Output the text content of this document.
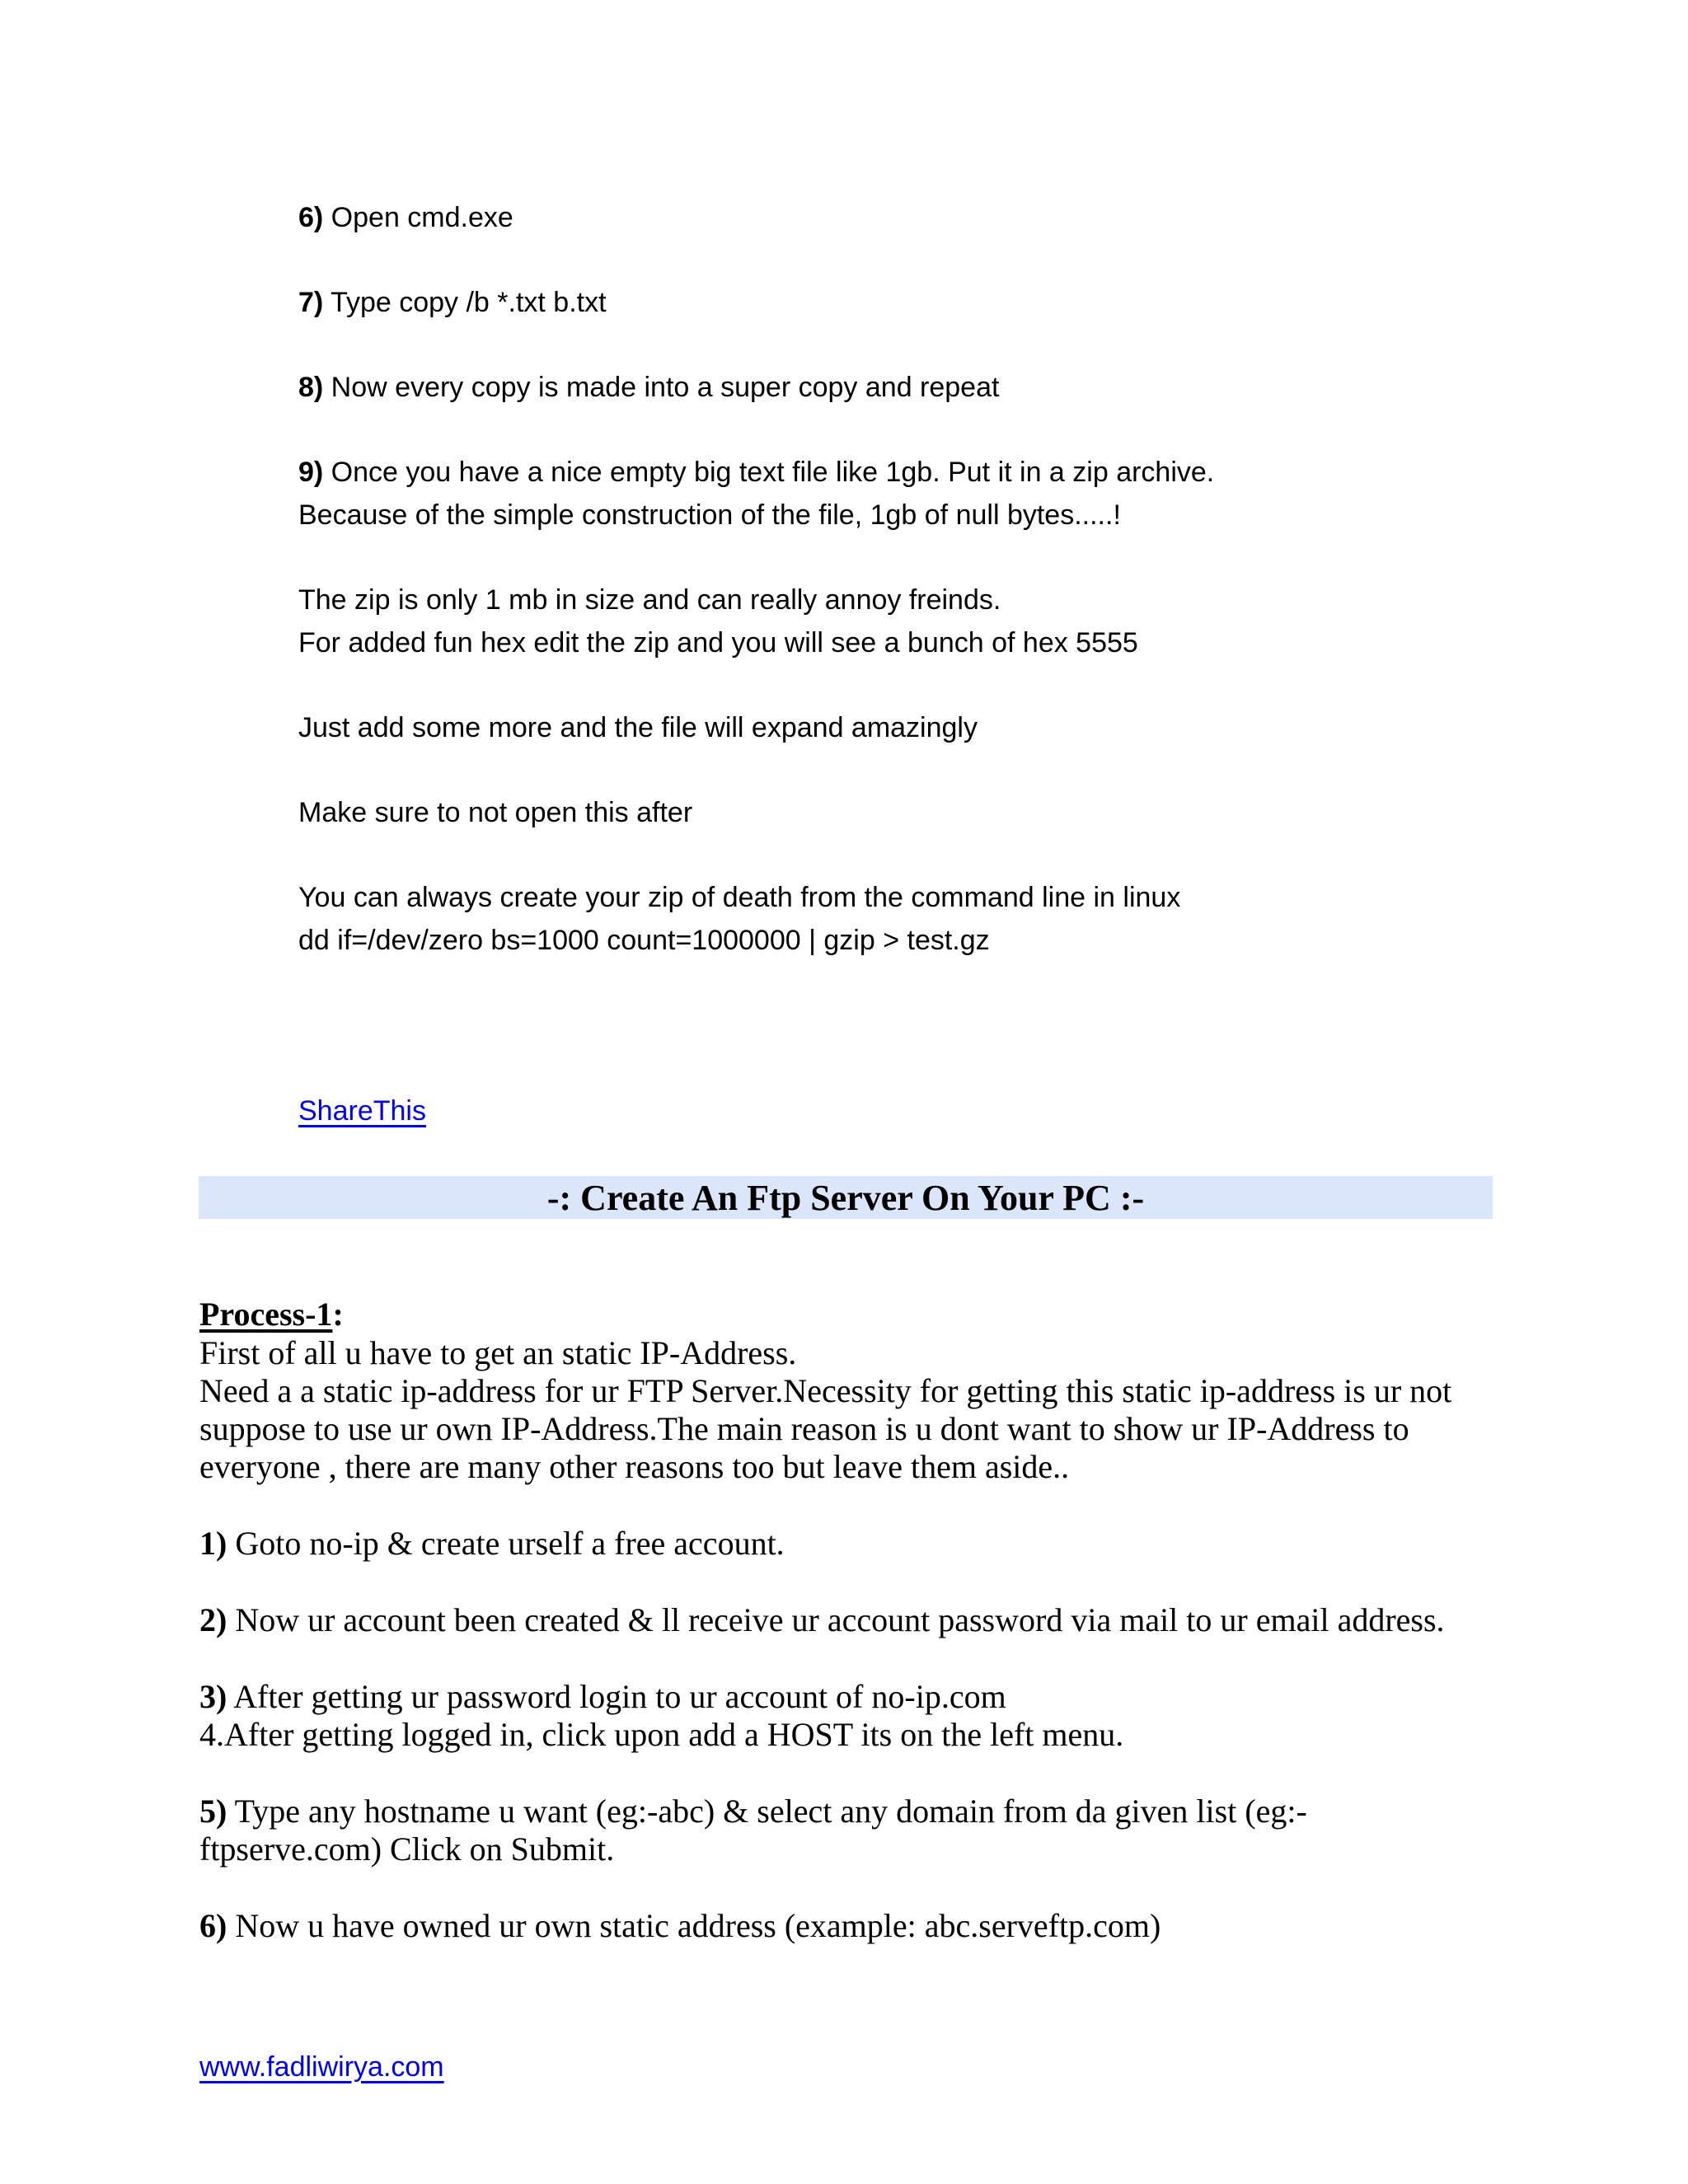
6) Open cmd.exe
7) Type copy /b *.txt b.txt
8) Now every copy is made into a super copy and repeat
9) Once you have a nice empty big text file like 1gb. Put it in a zip archive.
Because of the simple construction of the file, 1gb of null bytes.....!
The zip is only 1 mb in size and can really annoy freinds.
For added fun hex edit the zip and you will see a bunch of hex 5555
Just add some more and the file will expand amazingly
Make sure to not open this after
You can always create your zip of death from the command line in linux
dd if=/dev/zero bs=1000 count=1000000 | gzip > test.gz
ShareThis
-: Create An Ftp Server On Your PC :-
Process-1:
First of all u have to get an static IP-Address.
Need a a static ip-address for ur FTP Server.Necessity for getting this static ip-address is ur not
suppose to use ur own IP-Address.The main reason is u dont want to show ur IP-Address to
everyone , there are many other reasons too but leave them aside..
1) Goto no-ip & create urself a free account.
2) Now ur account been created & ll receive ur account password via mail to ur email address.
3) After getting ur password login to ur account of no-ip.com
4.After getting logged in, click upon add a HOST its on the left menu.
5) Type any hostname u want (eg:-abc) & select any domain from da given list (eg:-
ftpserve.com) Click on Submit.
6) Now u have owned ur own static address (example: abc.serveftp.com)
www.fadliwirya.com
